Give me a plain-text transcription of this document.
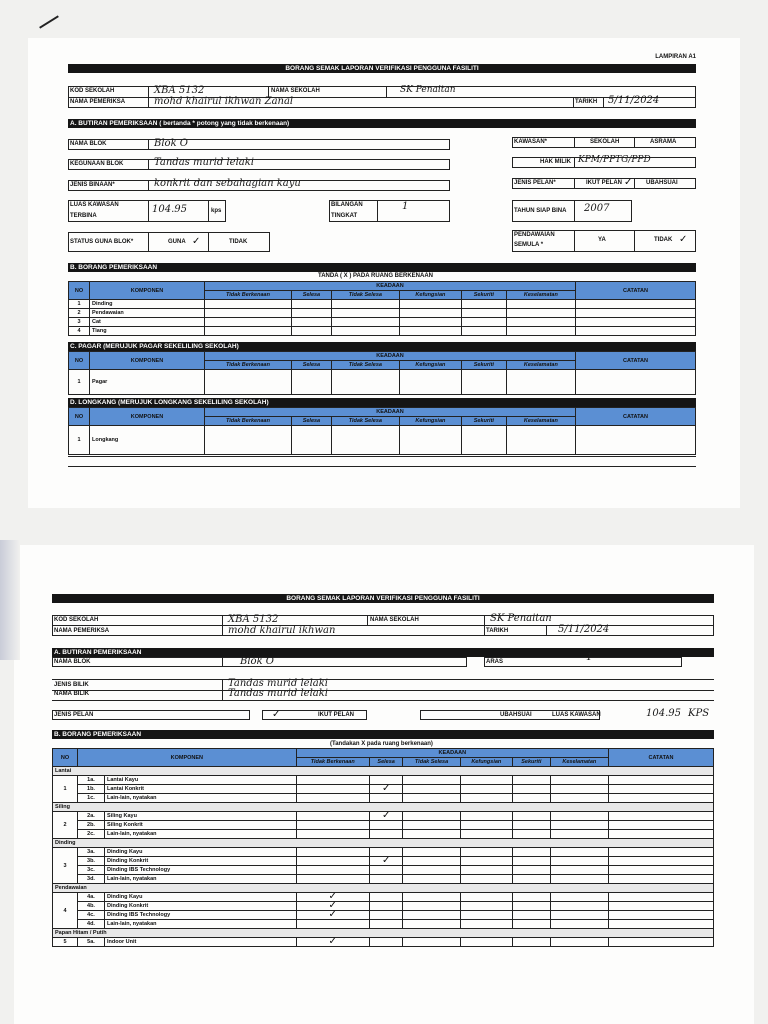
LAMPIRAN A1
BORANG SEMAK LAPORAN VERIFIKASI PENGGUNA FASILITI
KOD SEKOLAH	XBA 5132	NAMA SEKOLAH	SK Penaitan
NAMA PEMERIKSA	mohd khairul ikhwan Zanal	TARIKH 5/11/2024
A. BUTIRAN PEMERIKSAAN ( bertanda * potong yang tidak berkenaan)
NAMA BLOK	Blok O
KEGUNAAN BLOK	Tandas murid lelaki
JENIS BINAAN*	konkrit dan sebahagian kayu
LUAS KAWASAN
TERBINA
104.95	kps
BILANGAN
TINGKAT
1
STATUS GUNA BLOK*	GUNA ✓	TIDAK
KAWASAN*	SEKOLAH	ASRAMA
HAK MILIK KPM/PPTG/PPD
JENIS PELAN*	IKUT PELAN ✓ UBAHSUAI
TAHUN SIAP BINA 2007
PENDAWAIAN
SEMULA *
YA	TIDAK ✓
B. BORANG PEMERIKSAAN
TANDA ( X ) PADA RUANG BERKENAAN
NO	KOMPONEN	KEADAAN						CATATAN
		Tidak Berkenaan	Selesa	Tidak Selesa	Kefungsian	Sekuriti	Keselamatan	
1	Dinding							
2	Pendawaian							
3	Cat							
4	Tiang							
C. PAGAR (MERUJUK PAGAR SEKELILING SEKOLAH)
NO	KOMPONEN	KEADAAN						CATATAN
		Tidak Berkenaan	Selesa	Tidak Selesa	Kefungsian	Sekuriti	Keselamatan	
1	Pagar							
D. LONGKANG (MERUJUK LONGKANG SEKELILING SEKOLAH)
NO	KOMPONEN	KEADAAN						CATATAN
		Tidak Berkenaan	Selesa	Tidak Selesa	Kefungsian	Sekuriti	Keselamatan	
1	Longkang							
BORANG SEMAK LAPORAN VERIFIKASI PENGGUNA FASILITI
KOD SEKOLAH	XBA 5132	NAMA SEKOLAH	SK Penaitan
NAMA PEMERIKSA	mohd khairul ikhwan	TARIKH	5/11/2024
A. BUTIRAN PEMERIKSAAN
NAMA BLOK	Blok O	ARAS	1
JENIS BILIK	Tandas murid lelaki
NAMA BILIK	Tandas murid lelaki
JENIS PELAN	✓	IKUT PELAN	UBAHSUAI	LUAS KAWASAN	104.95 KPS
B. BORANG PEMERIKSAAN
(Tandakan X pada ruang berkenaan)
NO	KOMPONEN		KEADAAN						CATATAN
			Tidak Berkenaan	Selesa	Tidak Selesa	Kefungsian	Sekuriti	Keselamatan	
Lantai									
1	1a.	Lantai Kayu							
	1b.	Lantai Konkrit		✓					

	1c.	Lain-lain, nyatakan							
Siling									
2	2a.	Siling Kayu		✓					

	2b.	Siling Konkrit							
	2c.	Lain-lain, nyatakan							
Dinding									
3	3a.	Dinding Kayu							
	3b.	Dinding Konkrit		✓					

	3c.	Dinding IBS Technology							
	3d.	Lain-lain, nyatakan							
Pendawaian									
4	4a.	Dinding Kayu	✓						

	4b.	Dinding Konkrit	✓						

	4c.	Dinding IBS Technology	✓						

	4d.	Lain-lain, nyatakan							
Papan Hitam / Putih									
5	5a.	Indoor Unit	✓						
